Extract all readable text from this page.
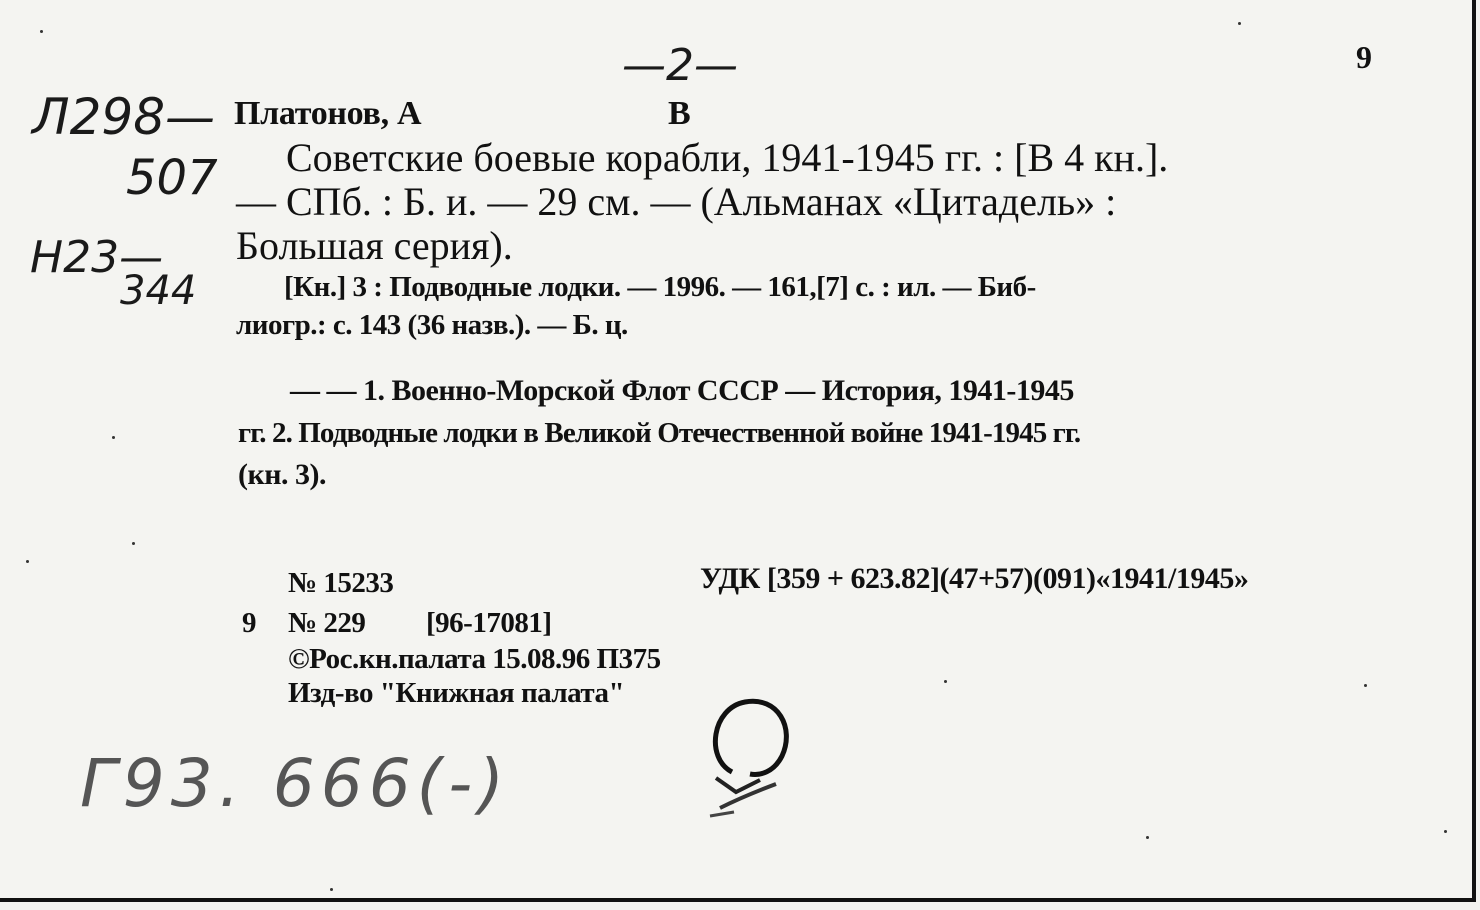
9
—2—
Л298—
507
Н23—
344
Г93. 666(-)
Платонов, А	В
Советские боевые корабли, 1941-1945 гг. : [В 4 кн.].
— СПб. : Б. и. — 29 см. — (Альманах «Цитадель» :
Большая серия).
[Кн.] 3 : Подводные лодки. — 1996. — 161,[7] с. : ил. — Биб-
лиогр.: с. 143 (36 назв.). — Б. ц.
— — 1. Военно-Морской Флот СССР — История, 1941-1945
гг. 2. Подводные лодки в Великой Отечественной войне 1941-1945 гг.
(кн. 3).
№ 15233	УДК [359 + 623.82](47+57)(091)«1941/1945»
9 № 229 [96-17081]
©Рос.кн.палата 15.08.96 П375
Изд-во "Книжная палата"
